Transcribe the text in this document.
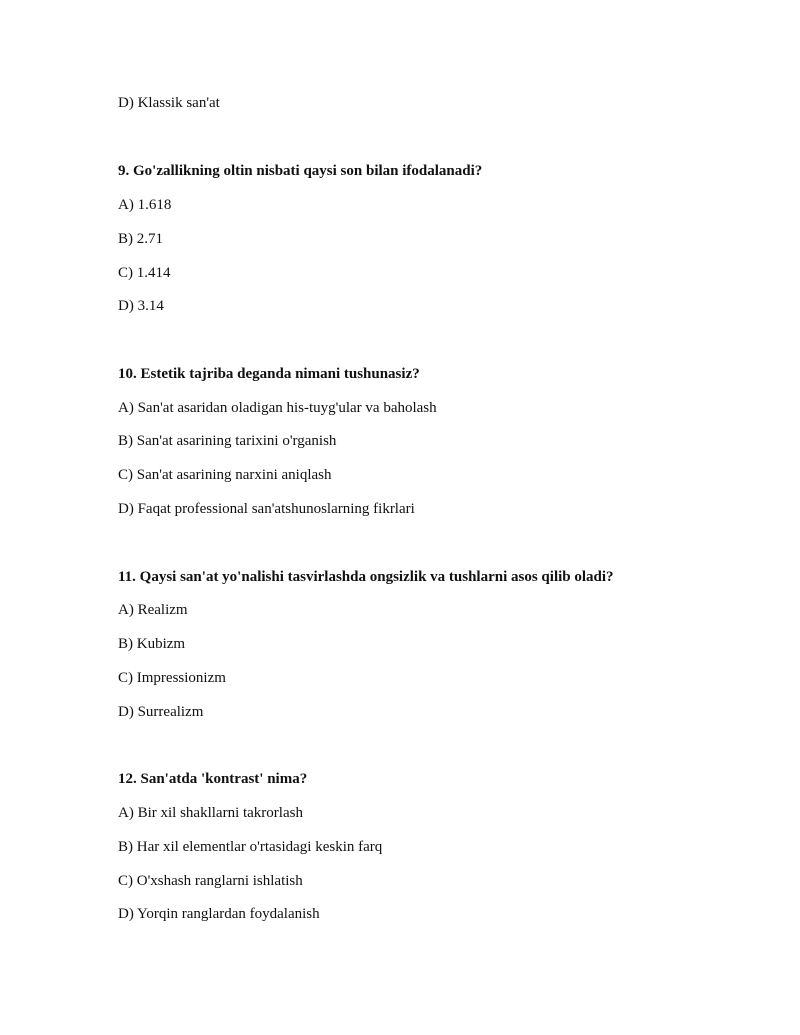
D) Klassik san'at
9. Go'zallikning oltin nisbati qaysi son bilan ifodalanadi?
A) 1.618
B) 2.71
C) 1.414
D) 3.14
10. Estetik tajriba deganda nimani tushunasiz?
A) San'at asaridan oladigan his-tuyg'ular va baholash
B) San'at asarining tarixini o'rganish
C) San'at asarining narxini aniqlash
D) Faqat professional san'atshunoslarning fikrlari
11. Qaysi san'at yo'nalishi tasvirlashda ongsizlik va tushlarni asos qilib oladi?
A) Realizm
B) Kubizm
C) Impressionizm
D) Surrealizm
12. San'atda 'kontrast' nima?
A) Bir xil shakllarni takrorlash
B) Har xil elementlar o'rtasidagi keskin farq
C) O'xshash ranglarni ishlatish
D) Yorqin ranglardan foydalanish
